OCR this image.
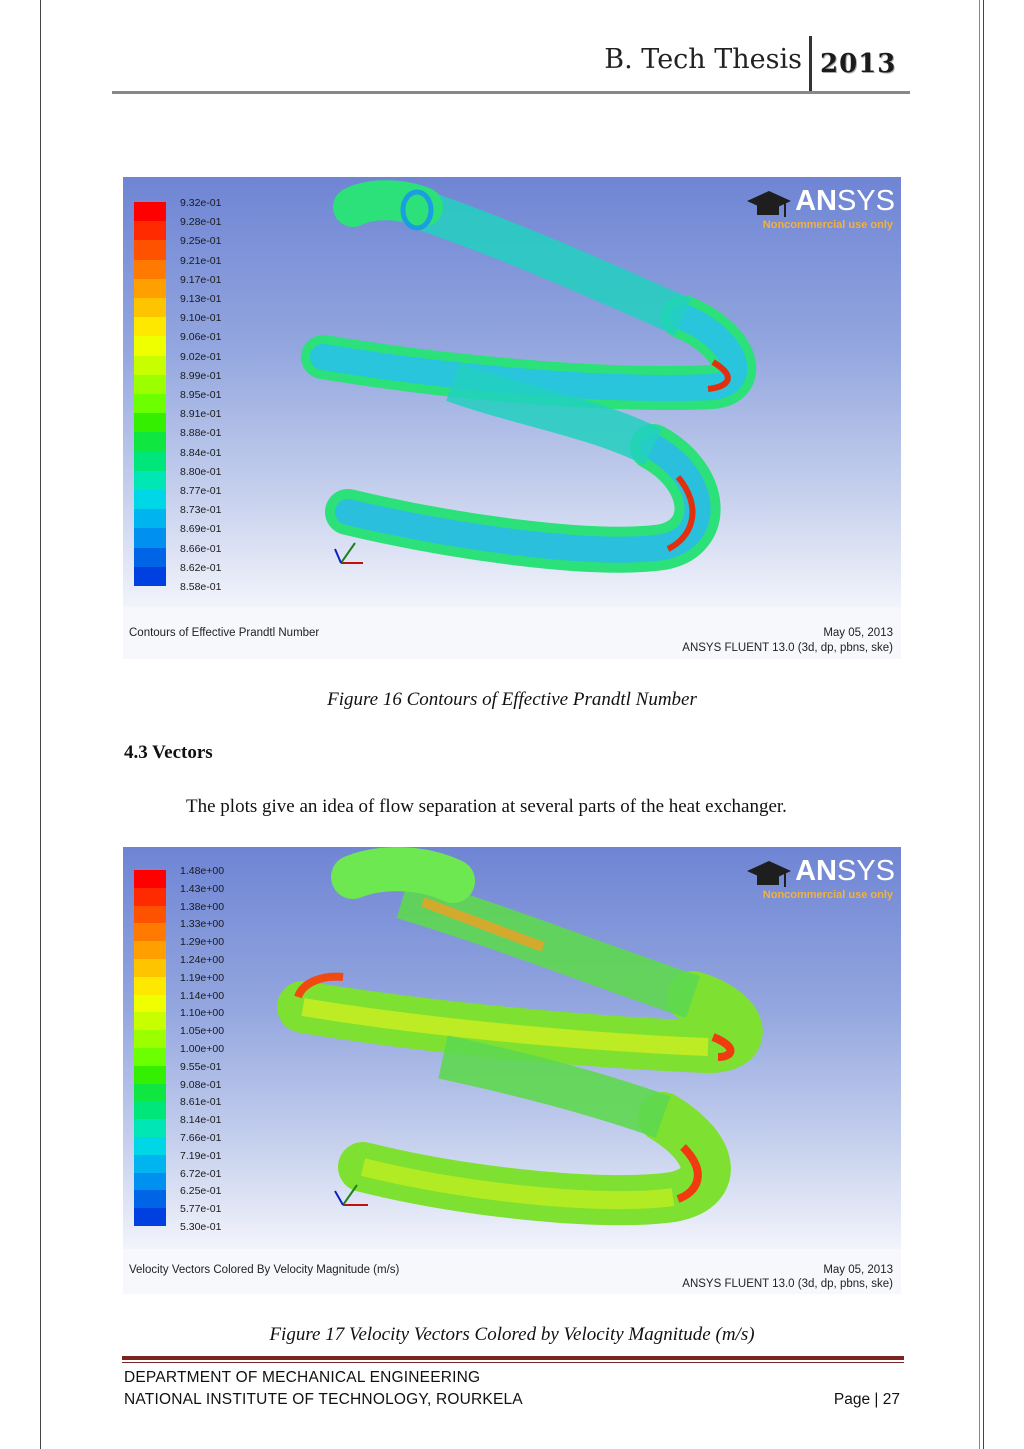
B. Tech Thesis 2013
9.32e-01
9.28e-01
9.25e-01
9.21e-01
9.17e-01
9.13e-01
9.10e-01
9.06e-01
9.02e-01
8.99e-01
8.95e-01
8.91e-01
8.88e-01
8.84e-01
8.80e-01
8.77e-01
8.73e-01
8.69e-01
8.66e-01
8.62e-01
8.58e-01
ANSYS
Noncommercial use only
Contours of Effective Prandtl Number	May 05, 2013
ANSYS FLUENT 13.0 (3d, dp, pbns, ske)
Figure 16 Contours of Effective Prandtl Number
4.3 Vectors
The plots give an idea of flow separation at several parts of the heat exchanger.
1.48e+00
1.43e+00
1.38e+00
1.33e+00
1.29e+00
1.24e+00
1.19e+00
1.14e+00
1.10e+00
1.05e+00
1.00e+00
9.55e-01
9.08e-01
8.61e-01
8.14e-01
7.66e-01
7.19e-01
6.72e-01
6.25e-01
5.77e-01
5.30e-01
ANSYS
Noncommercial use only
Velocity Vectors Colored By Velocity Magnitude (m/s)	May 05, 2013
ANSYS FLUENT 13.0 (3d, dp, pbns, ske)
Figure 17 Velocity Vectors Colored by Velocity Magnitude (m/s)
DEPARTMENT OF MECHANICAL ENGINEERING
NATIONAL INSTITUTE OF TECHNOLOGY, ROURKELA	Page | 27
